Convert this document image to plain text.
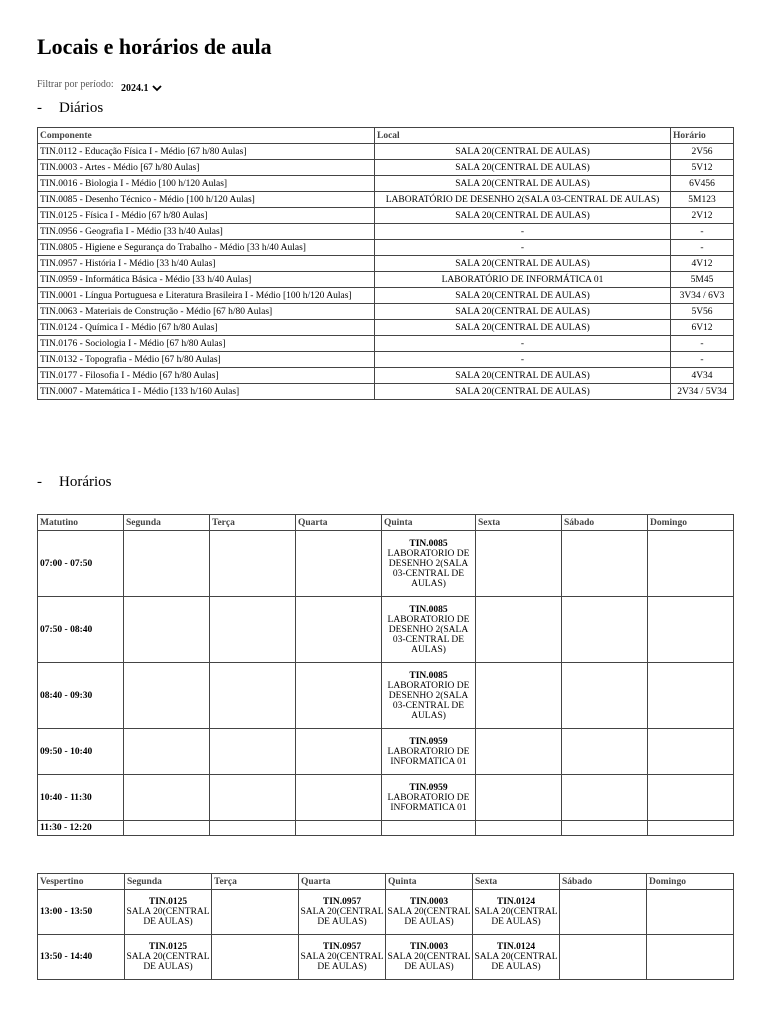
Locais e horários de aula
Filtrar por período: 2024.1
- Diários
Componente	Local	Horário
TIN.0112 - Educação Física I - Médio [67 h/80 Aulas]	SALA 20(CENTRAL DE AULAS)	2V56
TIN.0003 - Artes - Médio [67 h/80 Aulas]	SALA 20(CENTRAL DE AULAS)	5V12
TIN.0016 - Biologia I - Médio [100 h/120 Aulas]	SALA 20(CENTRAL DE AULAS)	6V456
TIN.0085 - Desenho Técnico - Médio [100 h/120 Aulas]	LABORATÓRIO DE DESENHO 2(SALA 03-CENTRAL DE AULAS)	5M123
TIN.0125 - Física I - Médio [67 h/80 Aulas]	SALA 20(CENTRAL DE AULAS)	2V12
TIN.0956 - Geografia I - Médio [33 h/40 Aulas]	-	-
TIN.0805 - Higiene e Segurança do Trabalho - Médio [33 h/40 Aulas]	-	-
TIN.0957 - História I - Médio [33 h/40 Aulas]	SALA 20(CENTRAL DE AULAS)	4V12
TIN.0959 - Informática Básica - Médio [33 h/40 Aulas]	LABORATÓRIO DE INFORMÁTICA 01	5M45
TIN.0001 - Língua Portuguesa e Literatura Brasileira I - Médio [100 h/120 Aulas]	SALA 20(CENTRAL DE AULAS)	3V34 / 6V3
TIN.0063 - Materiais de Construção - Médio [67 h/80 Aulas]	SALA 20(CENTRAL DE AULAS)	5V56
TIN.0124 - Química I - Médio [67 h/80 Aulas]	SALA 20(CENTRAL DE AULAS)	6V12
TIN.0176 - Sociologia I - Médio [67 h/80 Aulas]	-	-
TIN.0132 - Topografia - Médio [67 h/80 Aulas]	-	-
TIN.0177 - Filosofia I - Médio [67 h/80 Aulas]	SALA 20(CENTRAL DE AULAS)	4V34
TIN.0007 - Matemática I - Médio [133 h/160 Aulas]	SALA 20(CENTRAL DE AULAS)	2V34 / 5V34
- Horários
Matutino	Segunda	Terça	Quarta	Quinta	Sexta	Sábado	Domingo
07:00 - 07:50				TIN.0085
LABORATORIO DE DESENHO 2(SALA 03-CENTRAL DE AULAS)			

07:50 - 08:40				TIN.0085
LABORATORIO DE DESENHO 2(SALA 03-CENTRAL DE AULAS)			

08:40 - 09:30				TIN.0085
LABORATORIO DE DESENHO 2(SALA 03-CENTRAL DE AULAS)			

09:50 - 10:40				TIN.0959
LABORATORIO DE INFORMATICA 01			

10:40 - 11:30				TIN.0959
LABORATORIO DE INFORMATICA 01			

11:30 - 12:20							
Vespertino	Segunda	Terça	Quarta	Quinta	Sexta	Sábado	Domingo
13:00 - 13:50	TIN.0125
SALA 20(CENTRAL DE AULAS)		TIN.0957
SALA 20(CENTRAL DE AULAS)	TIN.0003
SALA 20(CENTRAL DE AULAS)	TIN.0124
SALA 20(CENTRAL DE AULAS)		

13:50 - 14:40	TIN.0125
SALA 20(CENTRAL DE AULAS)		TIN.0957
SALA 20(CENTRAL DE AULAS)	TIN.0003
SALA 20(CENTRAL DE AULAS)	TIN.0124
SALA 20(CENTRAL DE AULAS)		
